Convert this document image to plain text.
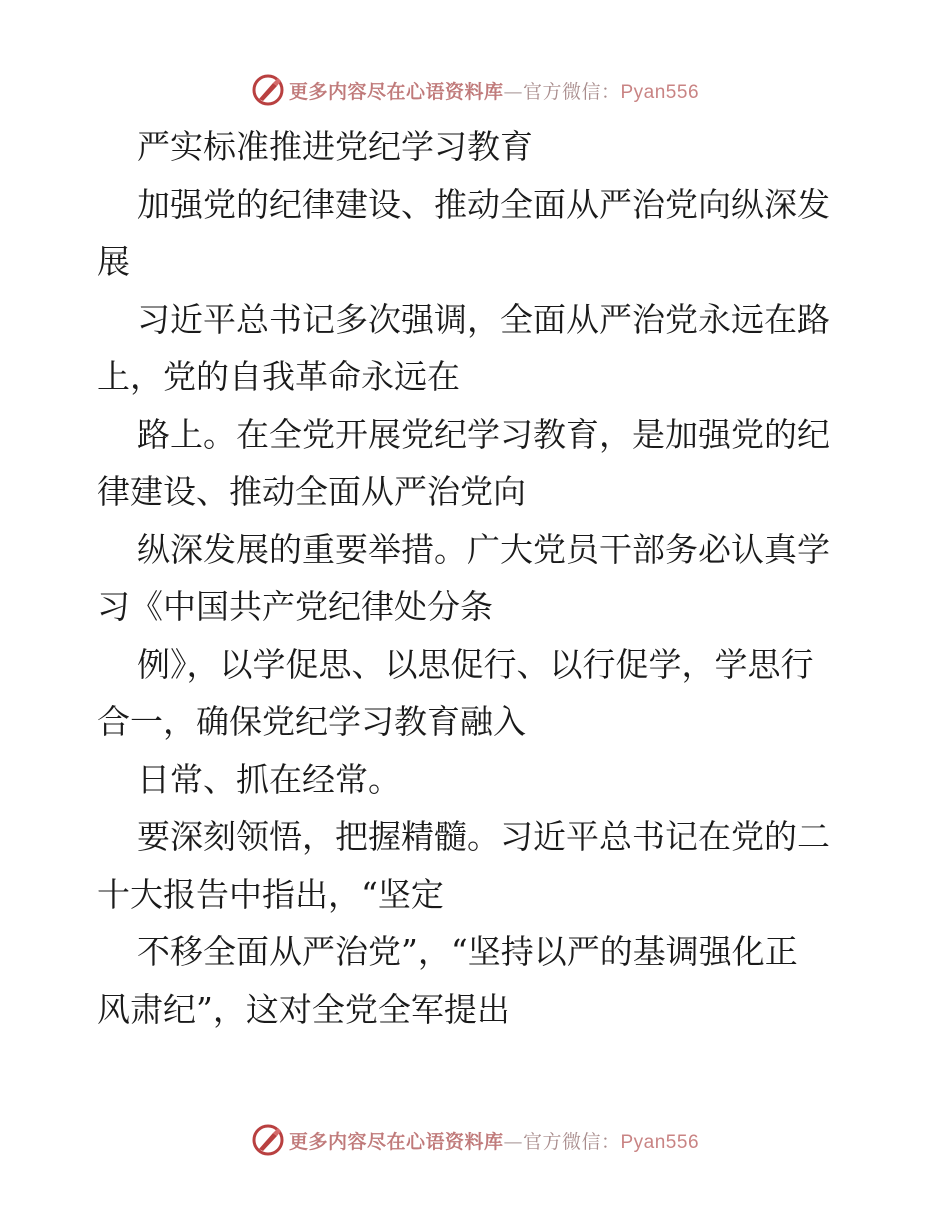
更多内容尽在心语资料库—官方微信：Pyan556

严实标准推进党纪学习教育

加强党的纪律建设、推动全面从严治党向纵深发
展

习近平总书记多次强调，全面从严治党永远在路
上，党的自我革命永远在

路上。在全党开展党纪学习教育，是加强党的纪
律建设、推动全面从严治党向

纵深发展的重要举措。广大党员干部务必认真学
习《中国共产党纪律处分条

例》，以学促思、以思促行、以行促学，学思行
合一，确保党纪学习教育融入

日常、抓在经常。

要深刻领悟，把握精髓。习近平总书记在党的二
十大报告中指出，“坚定

不移全面从严治党”，“坚持以严的基调强化正
风肃纪”，这对全党全军提出

更多内容尽在心语资料库—官方微信：Pyan556
